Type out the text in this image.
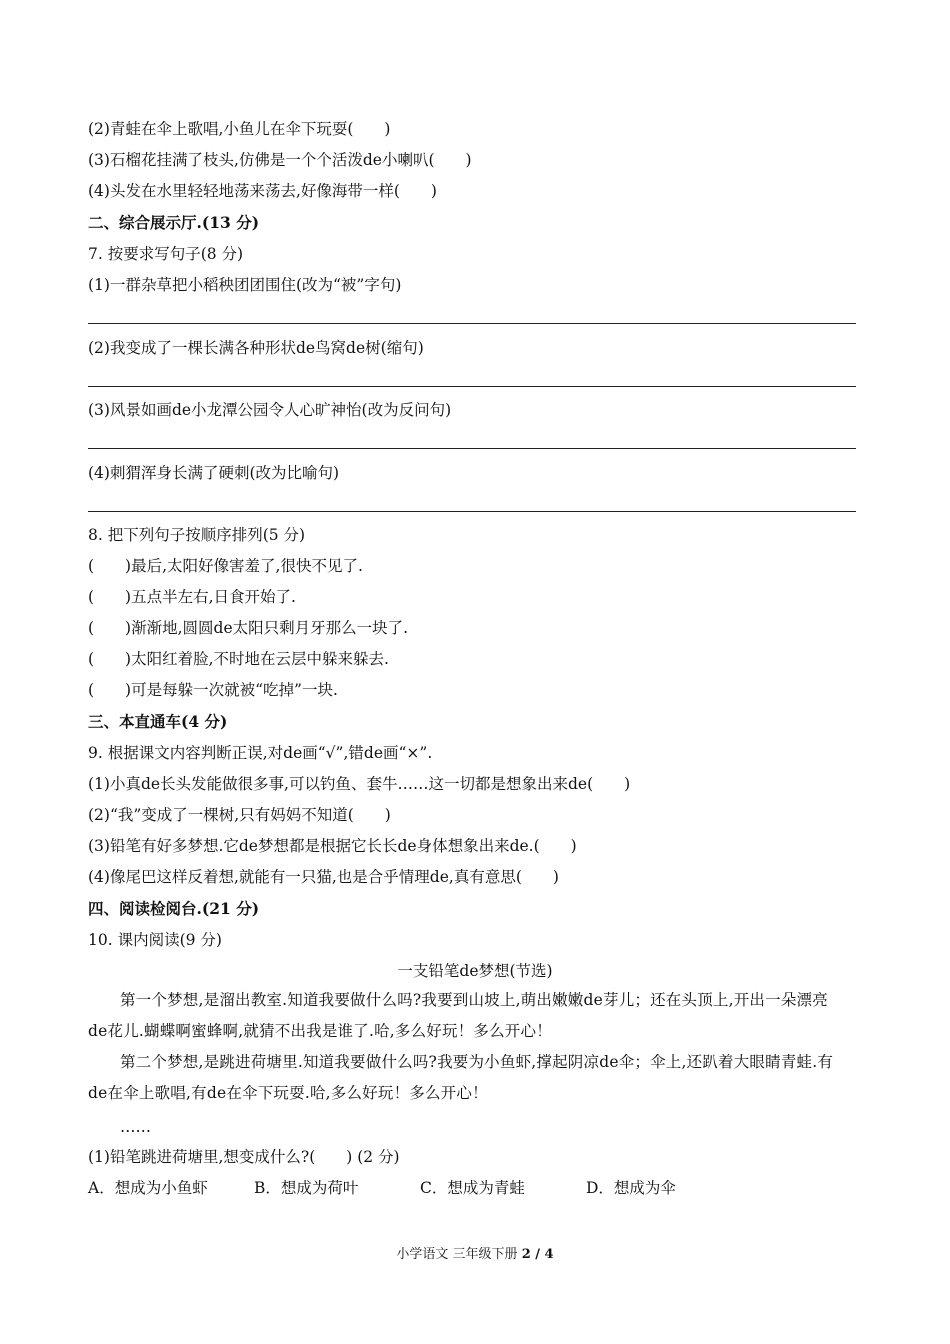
(2)青蛙在伞上歌唱,小鱼儿在伞下玩耍(　　)
(3)石榴花挂满了枝头,仿佛是一个个活泼de小喇叭(　　)
(4)头发在水里轻轻地荡来荡去,好像海带一样(　　)
二、综合展示厅.(13 分)
7. 按要求写句子(8 分)
(1)一群杂草把小稻秧团团围住(改为“被”字句)
(2)我变成了一棵长满各种形状de鸟窝de树(缩句)
(3)风景如画de小龙潭公园令人心旷神怡(改为反问句)
(4)刺猬浑身长满了硬刺(改为比喻句)
8. 把下列句子按顺序排列(5 分)
(　　)最后,太阳好像害羞了,很快不见了.
(　　)五点半左右,日食开始了.
(　　)渐渐地,圆圆de太阳只剩月牙那么一块了.
(　　)太阳红着脸,不时地在云层中躲来躲去.
(　　)可是每躲一次就被“吃掉”一块.
三、本直通车(4 分)
9. 根据课文内容判断正误,对de画“√”,错de画“×”.
(1)小真de长头发能做很多事,可以钓鱼、套牛……这一切都是想象出来de(　　)
(2)“我”变成了一棵树,只有妈妈不知道(　　)
(3)铅笔有好多梦想.它de梦想都是根据它长长de身体想象出来de.(　　)
(4)像尾巴这样反着想,就能有一只猫,也是合乎情理de,真有意思(　　)
四、阅读检阅台.(21 分)
10. 课内阅读(9 分)
一支铅笔de梦想(节选)
第一个梦想,是溜出教室.知道我要做什么吗?我要到山坡上,萌出嫩嫩de芽儿；还在头顶上,开出一朵漂亮de花儿.蝴蝶啊蜜蜂啊,就猜不出我是谁了.哈,多么好玩！多么开心！
第二个梦想,是跳进荷塘里.知道我要做什么吗?我要为小鱼虾,撑起阴凉de伞；伞上,还趴着大眼睛青蛙.有de在伞上歌唱,有de在伞下玩耍.哈,多么好玩！多么开心！
……
(1)铅笔跳进荷塘里,想变成什么?(　　) (2 分)
A．想成为小鱼虾	B．想成为荷叶	C．想成为青蛙	D．想成为伞
小学语文 三年级下册 2 / 4
